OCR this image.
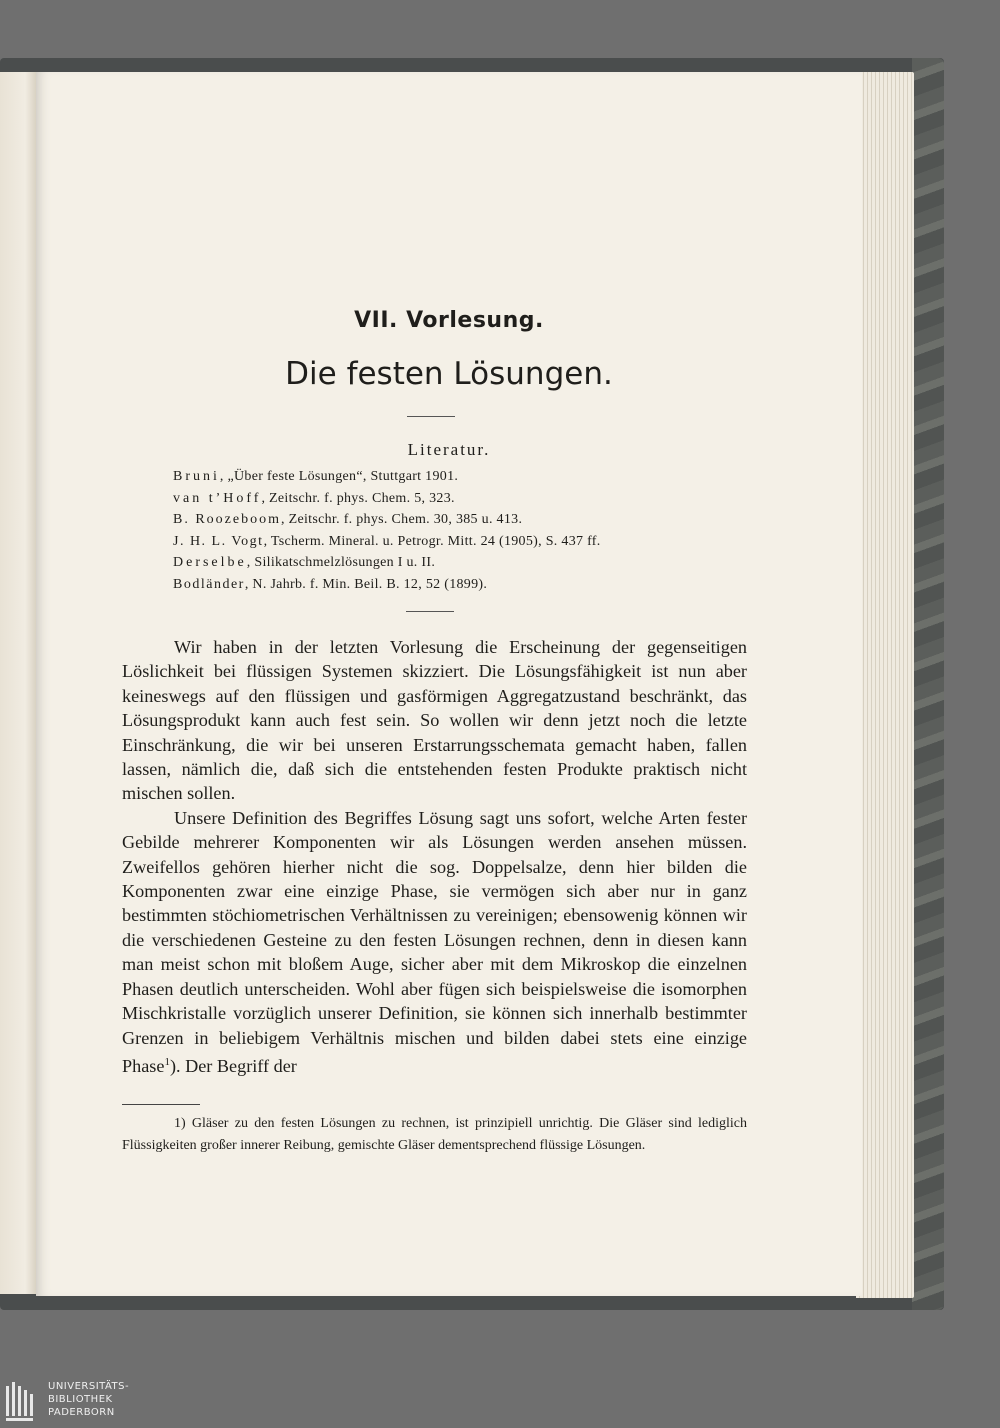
VII. Vorlesung.
Die festen Lösungen.
Literatur.
Bruni, „Über feste Lösungen“, Stuttgart 1901.
van t’Hoff, Zeitschr. f. phys. Chem. 5, 323.
B. Roozeboom, Zeitschr. f. phys. Chem. 30, 385 u. 413.
J. H. L. Vogt, Tscherm. Mineral. u. Petrogr. Mitt. 24 (1905), S. 437 ff.
Derselbe, Silikatschmelzlösungen I u. II.
Bodländer, N. Jahrb. f. Min. Beil. B. 12, 52 (1899).

Wir haben in der letzten Vorlesung die Erscheinung der gegenseitigen Löslichkeit bei flüssigen Systemen skizziert. Die Lösungsfähigkeit ist nun aber keineswegs auf den flüssigen und gasförmigen Aggregatzustand beschränkt, das Lösungsprodukt kann auch fest sein. So wollen wir denn jetzt noch die letzte Einschränkung, die wir bei unseren Erstarrungsschemata gemacht haben, fallen lassen, nämlich die, daß sich die entstehenden festen Produkte praktisch nicht mischen sollen.

Unsere Definition des Begriffes Lösung sagt uns sofort, welche Arten fester Gebilde mehrerer Komponenten wir als Lösungen werden ansehen müssen. Zweifellos gehören hierher nicht die sog. Doppelsalze, denn hier bilden die Komponenten zwar eine einzige Phase, sie vermögen sich aber nur in ganz bestimmten stöchiometrischen Verhältnissen zu vereinigen; ebensowenig können wir die verschiedenen Gesteine zu den festen Lösungen rechnen, denn in diesen kann man meist schon mit bloßem Auge, sicher aber mit dem Mikroskop die einzelnen Phasen deutlich unterscheiden. Wohl aber fügen sich beispielsweise die isomorphen Mischkristalle vorzüglich unserer Definition, sie können sich innerhalb bestimmter Grenzen in beliebigem Verhältnis mischen und bilden dabei stets eine einzige Phase$^1$). Der Begriff der

1) Gläser zu den festen Lösungen zu rechnen, ist prinzipiell unrichtig. Die Gläser sind lediglich Flüssigkeiten großer innerer Reibung, gemischte Gläser dementsprechend flüssige Lösungen.

UNIVERSITÄTS-
BIBLIOTHEK
PADERBORN
